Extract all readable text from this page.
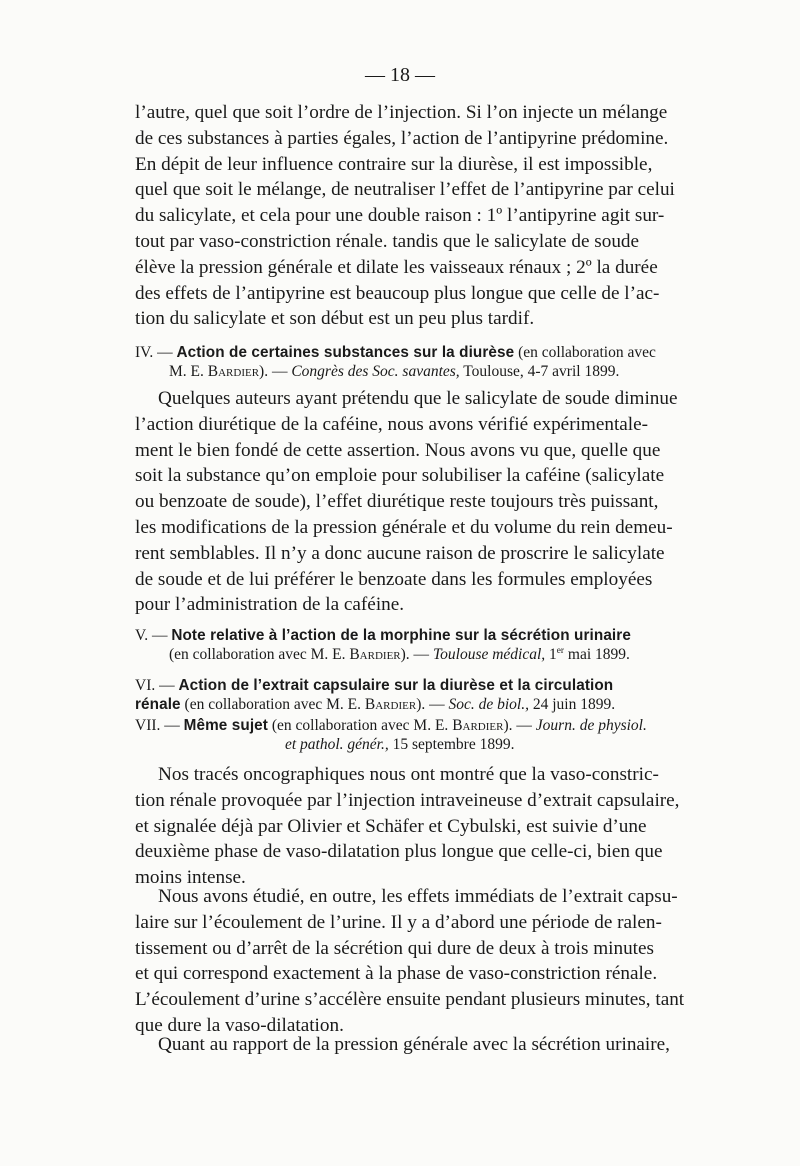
— 18 —

l’autre, quel que soit l’ordre de l’injection. Si l’on injecte un mélange

de ces substances à parties égales, l’action de l’antipyrine prédomine.

En dépit de leur influence contraire sur la diurèse, il est impossible,

quel que soit le mélange, de neutraliser l’effet de l’antipyrine par celui

du salicylate, et cela pour une double raison : 1º l’antipyrine agit sur-

tout par vaso-constriction rénale. tandis que le salicylate de soude

élève la pression générale et dilate les vaisseaux rénaux ; 2º la durée

des effets de l’antipyrine est beaucoup plus longue que celle de l’ac-

tion du salicylate et son début est un peu plus tardif.

IV. — Action de certaines substances sur la diurèse (en collaboration avec

M. E. Bardier). — Congrès des Soc. savantes, Toulouse, 4-7 avril 1899.

Quelques auteurs ayant prétendu que le salicylate de soude diminue

l’action diurétique de la caféine, nous avons vérifié expérimentale-

ment le bien fondé de cette assertion. Nous avons vu que, quelle que

soit la substance qu’on emploie pour solubiliser la caféine (salicylate

ou benzoate de soude), l’effet diurétique reste toujours très puissant,

les modifications de la pression générale et du volume du rein demeu-

rent semblables. Il n’y a donc aucune raison de proscrire le salicylate

de soude et de lui préférer le benzoate dans les formules employées

pour l’administration de la caféine.

V. — Note relative à l’action de la morphine sur la sécrétion urinaire

(en collaboration avec M. E. Bardier). — Toulouse médical, 1er mai 1899.

VI. — Action de l’extrait capsulaire sur la diurèse et la circulation

rénale (en collaboration avec M. E. Bardier). — Soc. de biol., 24 juin 1899.

VII. — Même sujet (en collaboration avec M. E. Bardier). — Journ. de physiol.

et pathol. génér., 15 septembre 1899.

Nos tracés oncographiques nous ont montré que la vaso-constric-

tion rénale provoquée par l’injection intraveineuse d’extrait capsulaire,

et signalée déjà par Olivier et Schäfer et Cybulski, est suivie d’une

deuxième phase de vaso-dilatation plus longue que celle-ci, bien que

moins intense.

Nous avons étudié, en outre, les effets immédiats de l’extrait capsu-

laire sur l’écoulement de l’urine. Il y a d’abord une période de ralen-

tissement ou d’arrêt de la sécrétion qui dure de deux à trois minutes

et qui correspond exactement à la phase de vaso-constriction rénale.

L’écoulement d’urine s’accélère ensuite pendant plusieurs minutes, tant

que dure la vaso-dilatation.

Quant au rapport de la pression générale avec la sécrétion urinaire,
